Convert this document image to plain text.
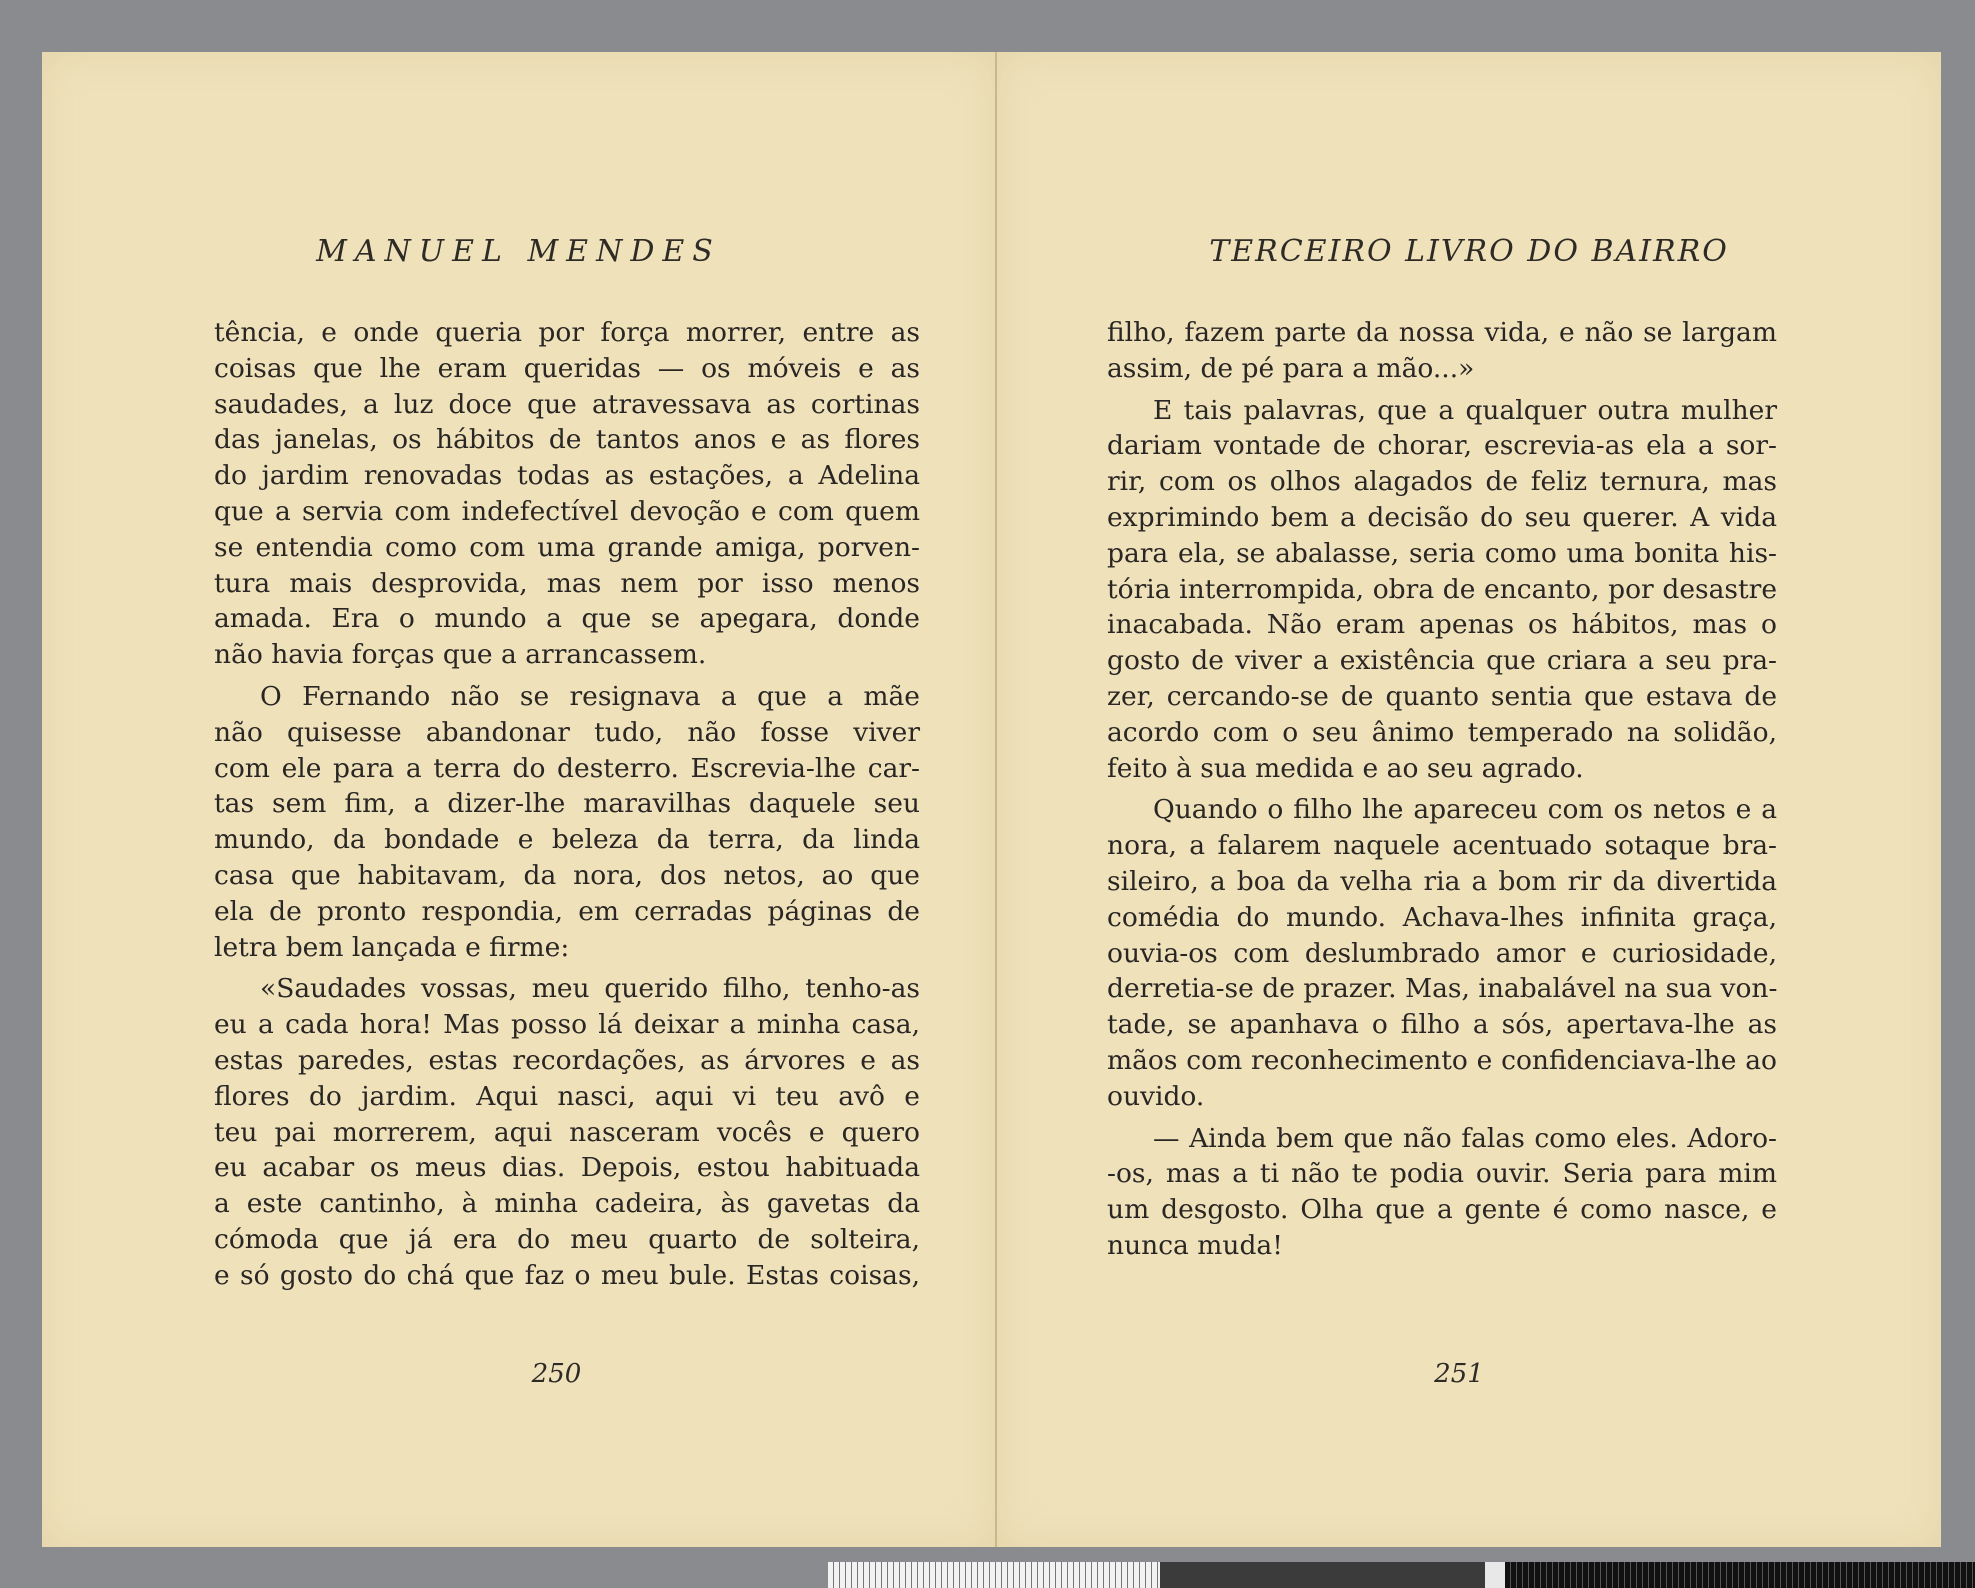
MANUEL MENDES
tência, e onde queria por força morrer, entre as
coisas que lhe eram queridas — os móveis e as
saudades, a luz doce que atravessava as cortinas
das janelas, os hábitos de tantos anos e as flores
do jardim renovadas todas as estações, a Adelina
que a servia com indefectível devoção e com quem
se entendia como com uma grande amiga, porven-
tura mais desprovida, mas nem por isso menos
amada. Era o mundo a que se apegara, donde
não havia forças que a arrancassem.
O Fernando não se resignava a que a mãe
não quisesse abandonar tudo, não fosse viver
com ele para a terra do desterro. Escrevia-lhe car-
tas sem fim, a dizer-lhe maravilhas daquele seu
mundo, da bondade e beleza da terra, da linda
casa que habitavam, da nora, dos netos, ao que
ela de pronto respondia, em cerradas páginas de
letra bem lançada e firme:
«Saudades vossas, meu querido filho, tenho-as
eu a cada hora! Mas posso lá deixar a minha casa,
estas paredes, estas recordações, as árvores e as
flores do jardim. Aqui nasci, aqui vi teu avô e
teu pai morrerem, aqui nasceram vocês e quero
eu acabar os meus dias. Depois, estou habituada
a este cantinho, à minha cadeira, às gavetas da
cómoda que já era do meu quarto de solteira,
e só gosto do chá que faz o meu bule. Estas coisas,
250
TERCEIRO LIVRO DO BAIRRO
filho, fazem parte da nossa vida, e não se largam
assim, de pé para a mão...»
E tais palavras, que a qualquer outra mulher
dariam vontade de chorar, escrevia-as ela a sor-
rir, com os olhos alagados de feliz ternura, mas
exprimindo bem a decisão do seu querer. A vida
para ela, se abalasse, seria como uma bonita his-
tória interrompida, obra de encanto, por desastre
inacabada. Não eram apenas os hábitos, mas o
gosto de viver a existência que criara a seu pra-
zer, cercando-se de quanto sentia que estava de
acordo com o seu ânimo temperado na solidão,
feito à sua medida e ao seu agrado.
Quando o filho lhe apareceu com os netos e a
nora, a falarem naquele acentuado sotaque bra-
sileiro, a boa da velha ria a bom rir da divertida
comédia do mundo. Achava-lhes infinita graça,
ouvia-os com deslumbrado amor e curiosidade,
derretia-se de prazer. Mas, inabalável na sua von-
tade, se apanhava o filho a sós, apertava-lhe as
mãos com reconhecimento e confidenciava-lhe ao
ouvido.
— Ainda bem que não falas como eles. Adoro-
-os, mas a ti não te podia ouvir. Seria para mim
um desgosto. Olha que a gente é como nasce, e
nunca muda!
251
